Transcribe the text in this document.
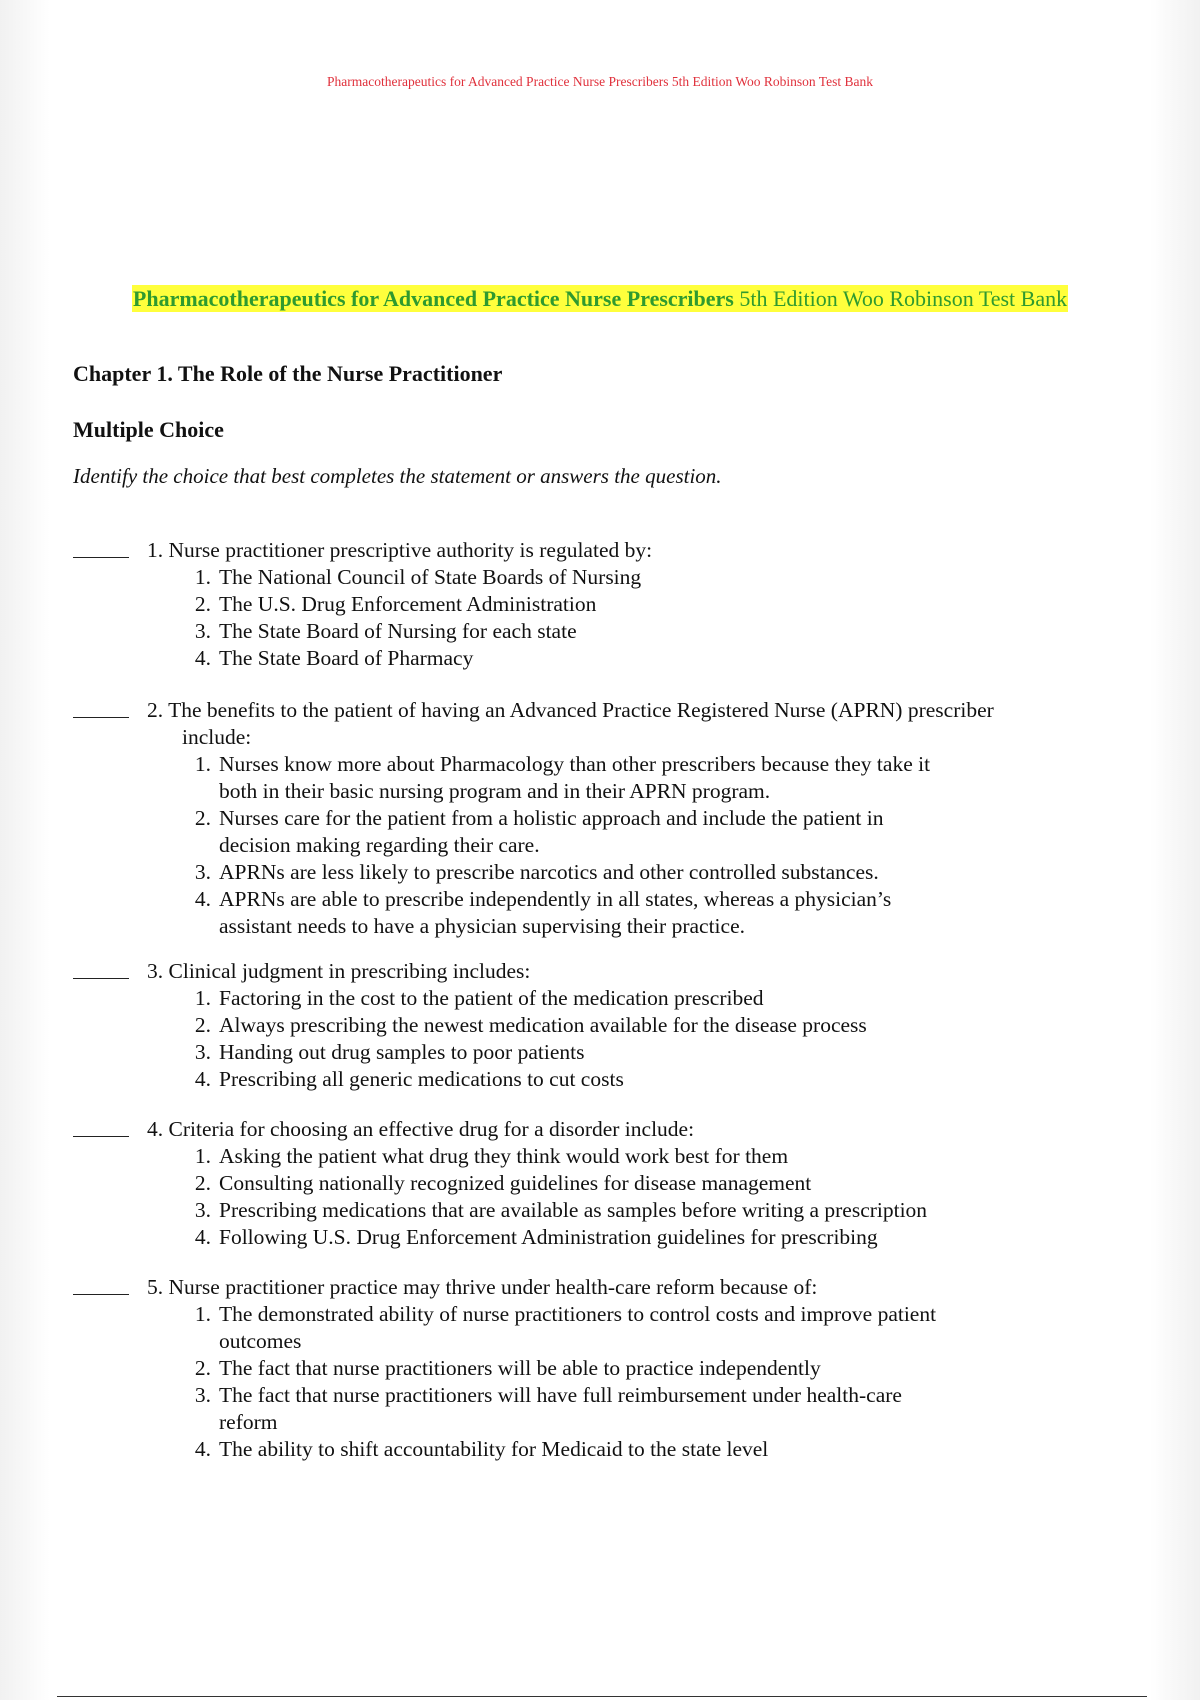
Pharmacotherapeutics for Advanced Practice Nurse Prescribers 5th Edition Woo Robinson Test Bank
Pharmacotherapeutics for Advanced Practice Nurse Prescribers 5th Edition Woo Robinson Test Bank
Chapter 1. The Role of the Nurse Practitioner
Multiple Choice
Identify the choice that best completes the statement or answers the question.
1. Nurse practitioner prescriptive authority is regulated by:
1. The National Council of State Boards of Nursing
2. The U.S. Drug Enforcement Administration
3. The State Board of Nursing for each state
4. The State Board of Pharmacy
2. The benefits to the patient of having an Advanced Practice Registered Nurse (APRN) prescriber
include:
1. Nurses know more about Pharmacology than other prescribers because they take it
both in their basic nursing program and in their APRN program.
2. Nurses care for the patient from a holistic approach and include the patient in
decision making regarding their care.
3. APRNs are less likely to prescribe narcotics and other controlled substances.
4. APRNs are able to prescribe independently in all states, whereas a physician’s
assistant needs to have a physician supervising their practice.
3. Clinical judgment in prescribing includes:
1. Factoring in the cost to the patient of the medication prescribed
2. Always prescribing the newest medication available for the disease process
3. Handing out drug samples to poor patients
4. Prescribing all generic medications to cut costs
4. Criteria for choosing an effective drug for a disorder include:
1. Asking the patient what drug they think would work best for them
2. Consulting nationally recognized guidelines for disease management
3. Prescribing medications that are available as samples before writing a prescription
4. Following U.S. Drug Enforcement Administration guidelines for prescribing
5. Nurse practitioner practice may thrive under health-care reform because of:
1. The demonstrated ability of nurse practitioners to control costs and improve patient
outcomes
2. The fact that nurse practitioners will be able to practice independently
3. The fact that nurse practitioners will have full reimbursement under health-care
reform
4. The ability to shift accountability for Medicaid to the state level
